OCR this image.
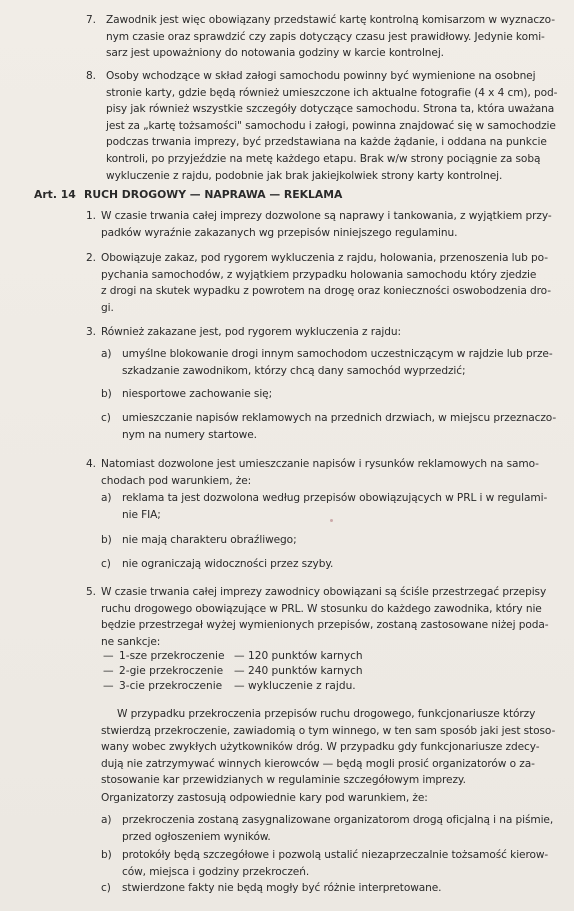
7. Zawodnik jest więc obowiązany przedstawić kartę kontrolną komisarzom w wyznaczo-
nym czasie oraz sprawdzić czy zapis dotyczący czasu jest prawidłowy. Jedynie komi-
sarz jest upoważniony do notowania godziny w karcie kontrolnej.
8. Osoby wchodzące w skład załogi samochodu powinny być wymienione na osobnej
stronie karty, gdzie będą również umieszczone ich aktualne fotografie (4 x 4 cm), pod-
pisy jak również wszystkie szczegóły dotyczące samochodu. Strona ta, która uważana
jest za „kartę tożsamości" samochodu i załogi, powinna znajdować się w samochodzie
podczas trwania imprezy, być przedstawiana na każde żądanie, i oddana na punkcie
kontroli, po przyjeździe na metę każdego etapu. Brak w/w strony pociągnie za sobą
wykluczenie z rajdu, podobnie jak brak jakiejkolwiek strony karty kontrolnej.
Art. 14 RUCH DROGOWY — NAPRAWA — REKLAMA
1. W czasie trwania całej imprezy dozwolone są naprawy i tankowania, z wyjątkiem przy-
padków wyraźnie zakazanych wg przepisów niniejszego regulaminu.
2. Obowiązuje zakaz, pod rygorem wykluczenia z rajdu, holowania, przenoszenia lub po-
pychania samochodów, z wyjątkiem przypadku holowania samochodu który zjedzie
z drogi na skutek wypadku z powrotem na drogę oraz konieczności oswobodzenia dro-
gi.
3. Również zakazane jest, pod rygorem wykluczenia z rajdu:
a) umyślne blokowanie drogi innym samochodom uczestniczącym w rajdzie lub prze-
szkadzanie zawodnikom, którzy chcą dany samochód wyprzedzić;
b) niesportowe zachowanie się;
c) umieszczanie napisów reklamowych na przednich drzwiach, w miejscu przeznaczo-
nym na numery startowe.
4. Natomiast dozwolone jest umieszczanie napisów i rysunków reklamowych na samo-
chodach pod warunkiem, że:
a) reklama ta jest dozwolona według przepisów obowiązujących w PRL i w regulami-
nie FIA;
b) nie mają charakteru obraźliwego;
c) nie ograniczają widoczności przez szyby.
5. W czasie trwania całej imprezy zawodnicy obowiązani są ściśle przestrzegać przepisy
ruchu drogowego obowiązujące w PRL. W stosunku do każdego zawodnika, który nie
będzie przestrzegał wyżej wymienionych przepisów, zostaną zastosowane niżej poda-
ne sankcje:
— 1-sze przekroczenie — 120 punktów karnych
— 2-gie przekroczenie — 240 punktów karnych
— 3-cie przekroczenie — wykluczenie z rajdu.
W przypadku przekroczenia przepisów ruchu drogowego, funkcjonariusze którzy
stwierdzą przekroczenie, zawiadomią o tym winnego, w ten sam sposób jaki jest stoso-
wany wobec zwykłych użytkowników dróg. W przypadku gdy funkcjonariusze zdecy-
dują nie zatrzymywać winnych kierowców — będą mogli prosić organizatorów o za-
stosowanie kar przewidzianych w regulaminie szczegółowym imprezy.
Organizatorzy zastosują odpowiednie kary pod warunkiem, że:
a) przekroczenia zostaną zasygnalizowane organizatorom drogą oficjalną i na piśmie,
przed ogłoszeniem wyników.
b) protokóły będą szczegółowe i pozwolą ustalić niezaprzeczalnie tożsamość kierow-
ców, miejsca i godziny przekroczeń.
c) stwierdzone fakty nie będą mogły być różnie interpretowane.
